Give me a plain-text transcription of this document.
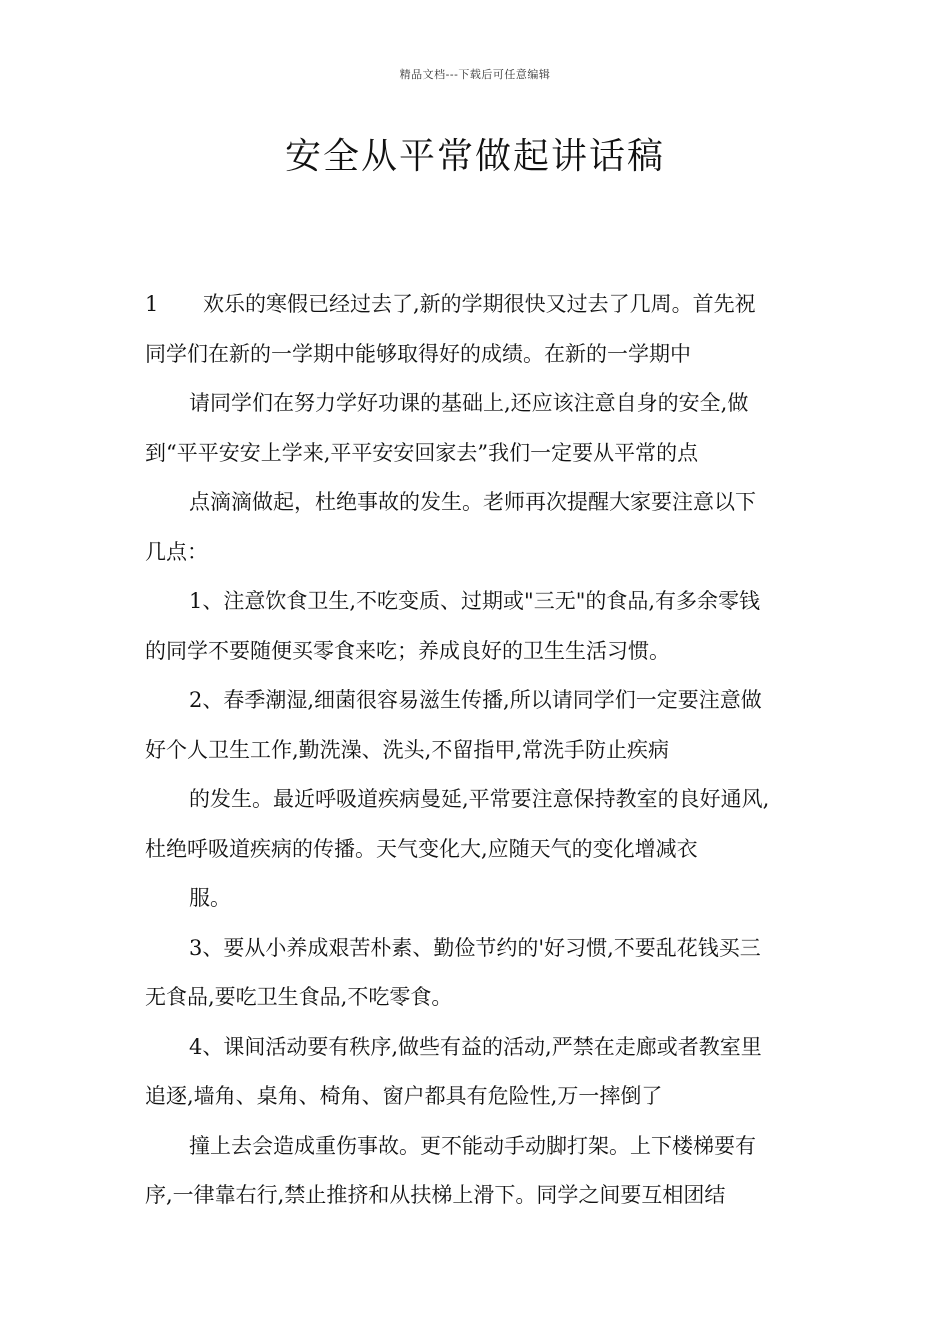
精品文档---下载后可任意编辑
安全从平常做起讲话稿
1 欢乐的寒假已经过去了,新的学期很快又过去了几周。首先祝
同学们在新的一学期中能够取得好的成绩。在新的一学期中
请同学们在努力学好功课的基础上,还应该注意自身的安全,做
到“平平安安上学来,平平安安回家去”我们一定要从平常的点
点滴滴做起，杜绝事故的发生。老师再次提醒大家要注意以下
几点：
1、注意饮食卫生,不吃变质、过期或"三无"的食品,有多余零钱
的同学不要随便买零食来吃；养成良好的卫生生活习惯。
2、春季潮湿,细菌很容易滋生传播,所以请同学们一定要注意做
好个人卫生工作,勤洗澡、洗头,不留指甲,常洗手防止疾病
的发生。最近呼吸道疾病曼延,平常要注意保持教室的良好通风,
杜绝呼吸道疾病的传播。天气变化大,应随天气的变化增减衣
服。
3、要从小养成艰苦朴素、勤俭节约的'好习惯,不要乱花钱买三
无食品,要吃卫生食品,不吃零食。
4、课间活动要有秩序,做些有益的活动,严禁在走廊或者教室里
追逐,墙角、桌角、椅角、窗户都具有危险性,万一摔倒了
撞上去会造成重伤事故。更不能动手动脚打架。上下楼梯要有
序,一律靠右行,禁止推挤和从扶梯上滑下。同学之间要互相团结
